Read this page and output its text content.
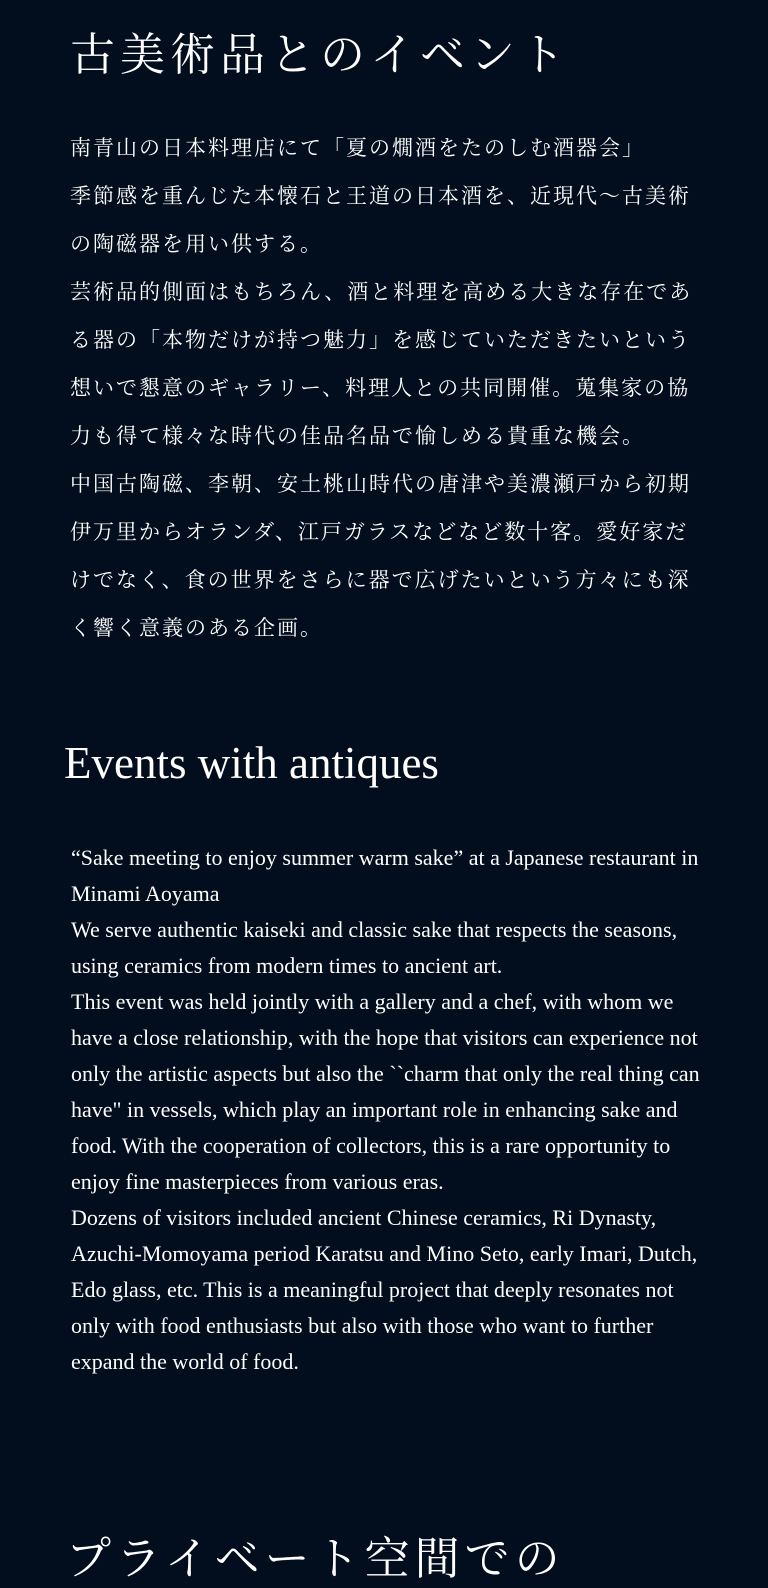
古美術品とのイベント

南青山の日本料理店にて「夏の燗酒をたのしむ酒器会」

季節感を重んじた本懐石と王道の日本酒を、近現代〜古美術の陶磁器を用い供する。

芸術品的側面はもちろん、酒と料理を高める大きな存在である器の「本物だけが持つ魅力」を感じていただきたいという想いで懇意のギャラリー、料理人との共同開催。蒐集家の協力も得て様々な時代の佳品名品で愉しめる貴重な機会。

中国古陶磁、李朝、安土桃山時代の唐津や美濃瀬戸から初期伊万里からオランダ、江戸ガラスなどなど数十客。愛好家だけでなく、食の世界をさらに器で広げたいという方々にも深く響く意義のある企画。

Events with antiques

“Sake meeting to enjoy summer warm sake” at a Japanese restaurant in Minami Aoyama

We serve authentic kaiseki and classic sake that respects the seasons, using ceramics from modern times to ancient art.

This event was held jointly with a gallery and a chef, with whom we have a close relationship, with the hope that visitors can experience not only the artistic aspects but also the ``charm that only the real thing can have" in vessels, which play an important role in enhancing sake and food. With the cooperation of collectors, this is a rare opportunity to enjoy fine masterpieces from various eras.

Dozens of visitors included ancient Chinese ceramics, Ri Dynasty, Azuchi-Momoyama period Karatsu and Mino Seto, early Imari, Dutch, Edo glass, etc. This is a meaningful project that deeply resonates not only with food enthusiasts but also with those who want to further expand the world of food.

プライベート空間での
